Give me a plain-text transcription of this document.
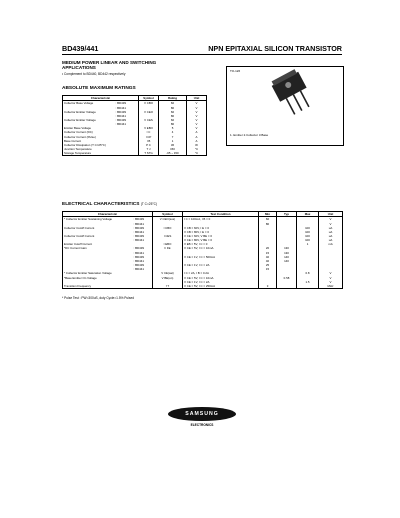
BD439/441	NPN EPITAXIAL SILICON TRANSISTOR
MEDIUM POWER LINEAR AND SWITCHING
APPLICATIONS
• Complement to BD440, BD442 respectively
TO-126
1. Emitter 2.Collector 3.Base
ABSOLUTE MAXIMUM RATINGS
Characteristic		Symbol	Rating	Unit
Collector Base Voltage	: BD439	V CBO	60	V
	: BD441		80	V
Collector Emitter Voltage	: BD439	V CEO	60	V
	: BD441		80	V
Collector Emitter Voltage	: BD439	V CES	60	V
	: BD441		80	V
Emitter Base Voltage		V EBO	5	V
Collector Current (DC)		I C	4	A
Collector Current (Pulse)		I CP	7	A
Base Current		I B	1	A
Collector Dissipation (T C=25°C)		P C	36	W
Junction Temperature		T J	150	°C
Storage Temperature		T STG	-65 ~ 150	°C
ELECTRICAL CHARACTERISTICS (T C=25°C)
Characteristic		Symbol	Test Condition	Min	Typ	Max	Unit
* Collector Emitter Sustaining Voltage	: BD439	V CEO(sus)	I C = 100mA, I B = 0	60			V
	: BD441			80			V
Collector Cutoff Current	: BD439	I CBO	V CB = 60V, I E = 0			100	uA
	: BD441		V CB = 80V, I E = 0			100	uA
Collector Cutoff Current	: BD439	I CES	V CE = 60V, V BE = 0			100	uA
	: BD441		V CE = 80V, V BE = 0			100	uA
Emitter Cutoff Current		I EBO	V EB = 5V, I C = 0			1	mA
*DC Current Gain	: BD439	h FE	V CE = 5V, I C = 10mA	20	130		
	: BD441			15	130		
	: BD439		V CE = 1V, I C = 500mA	40	140		
	: BD441			40	140		
	: BD439		V CE = 1V, I C = 2A	25			
	: BD441			15			
* Collector Emitter Saturation Voltage		V CE(sat)	I C = 2A, I B = 0.2A			0.8	V
*Base Emitter On Voltage		V BE(on)	V CE = 5V, I C = 10mA		0.58		V
			V CE = 1V, I C = 2A			1.5	V
Transition Frequency		f T	V CE = 5V, I C = 250mA	3			MHz
* Pulse Test : PW=300uS, duty Cycle=1.5% Pulsed
SAMSUNG
ELECTRONICS
